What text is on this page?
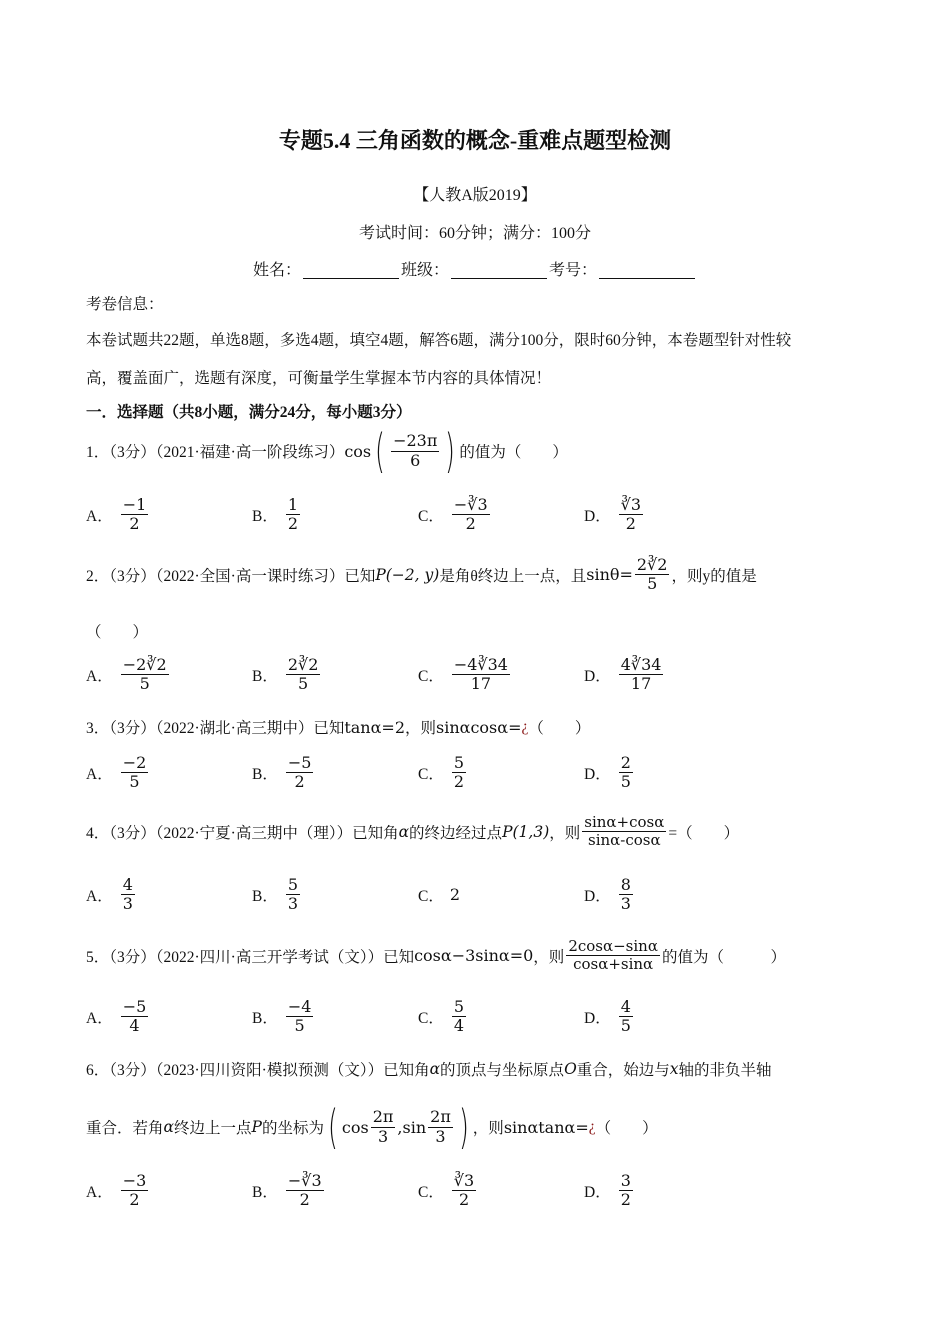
专题5.4 三角函数的概念-重难点题型检测
【人教A版2019】
考试时间：60分钟；满分：100分
姓名：	班级：	考号：
考卷信息：
本卷试题共22题，单选8题，多选4题，填空4题，解答6题，满分100分，限时60分钟，本卷题型针对性较
高，覆盖面广，选题有深度，可衡量学生掌握本节内容的具体情况！
一．选择题（共8小题，满分24分，每小题3分）
1．（3分）（2021·福建·高一阶段练习） cos ( $\frac{-23\pi}{6}$ ) 的值为（　　）
A． $\frac{-1}{2}$	B． $\frac{1}{2}$	C． $\frac{-∛3}{2}$	D． $\frac{∛3}{2}$
2．（3分）（2022·全国·高一课时练习）已知 P(−2, y) 是角θ终边上一点，且 $\sin\theta= \frac{2∛2}{5}$ ，则y的值是
（　　）
A． $\frac{-2∛2}{5}$	B． $\frac{2∛2}{5}$	C． $\frac{-4∛34}{17}$	D． $\frac{4∛34}{17}$
3．（3分）（2022·湖北·高三期中）已知 tanα=2 ，则 sinαcosα= ¿ （　　）
A． $\frac{-2}{5}$	B． $\frac{-5}{2}$	C． $\frac{5}{2}$	D． $\frac{2}{5}$
4．（3分）（2022·宁夏·高三期中（理））已知角 α 的终边经过点 P(1,3) ，则 $\frac{\sin\alpha+\cos\alpha}{\sin\alpha-\cos\alpha}$ =（　　）
A． $\frac{4}{3}$	B． $\frac{5}{3}$	C． 2	D． $\frac{8}{3}$
5．（3分）（2022·四川·高三开学考试（文））已知 cosα−3sinα=0 ，则 $\frac{2\cos\alpha-\sin\alpha}{\cos\alpha+\sin\alpha}$ 的值为（　　　）
A． $\frac{-5}{4}$	B． $\frac{-4}{5}$	C． $\frac{5}{4}$	D． $\frac{4}{5}$
6．（3分）（2023·四川资阳·模拟预测（文））已知角 α 的顶点与坐标原点 O 重合，始边与 x 轴的非负半轴
重合．若角 α 终边上一点 P 的坐标为 ( $\cos \frac{2\pi}{3} ,\sin \frac{2\pi}{3}$ ) ，则 sinαtanα= ¿ （　　）
A． $\frac{-3}{2}$	B． $\frac{-∛3}{2}$	C． $\frac{∛3}{2}$	D． $\frac{3}{2}$
